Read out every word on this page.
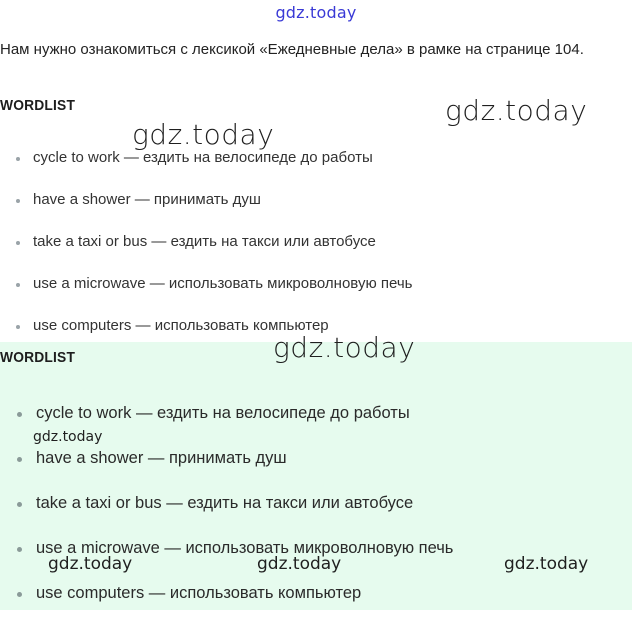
gdz.today
Нам нужно ознакомиться с лексикой «Ежедневные дела» в рамке на странице 104.
WORDLIST
cycle to work — ездить на велосипеде до работы
have a shower — принимать душ
take a taxi or bus — ездить на такси или автобусе
use a microwave — использовать микроволновую печь
use computers — использовать компьютер
WORDLIST
cycle to work — ездить на велосипеде до работы
have a shower — принимать душ
take a taxi or bus — ездить на такси или автобусе
use a microwave — использовать микроволновую печь
use computers — использовать компьютер
gdz.today
gdz.today
gdz.today
gdz.today
gdz.today	gdz.today	gdz.today
